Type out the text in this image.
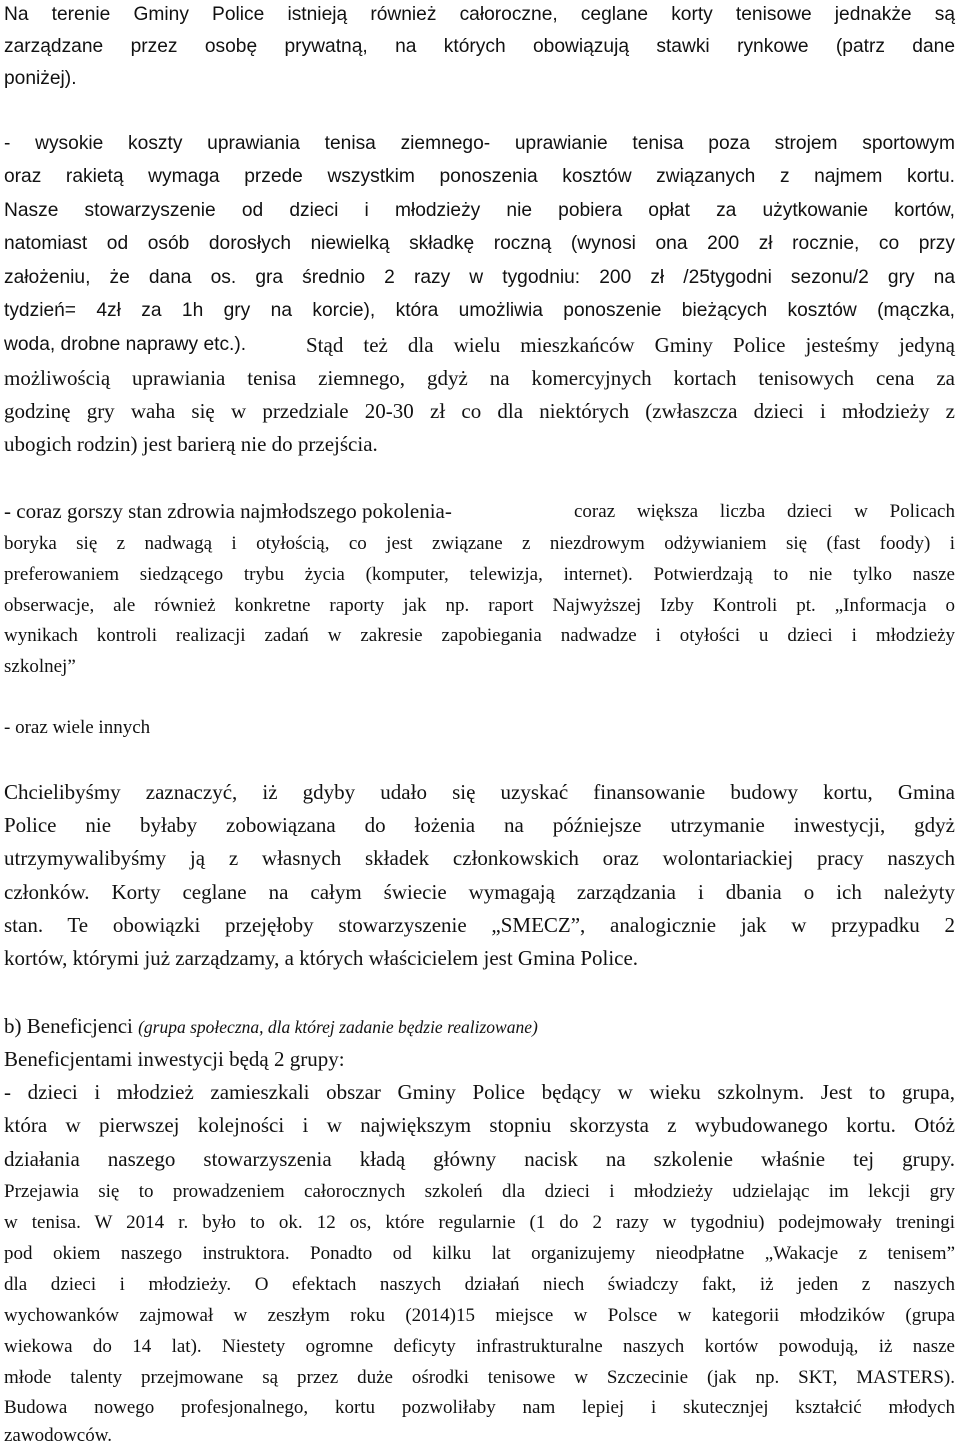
Na terenie Gminy Police istnieją również całoroczne, ceglane korty tenisowe jednakże są
zarządzane przez osobę prywatną, na których obowiązują stawki rynkowe (patrz dane
poniżej).
- wysokie koszty uprawiania tenisa ziemnego- uprawianie tenisa poza strojem sportowym
oraz rakietą wymaga przede wszystkim ponoszenia kosztów związanych z najmem kortu.
Nasze stowarzyszenie od dzieci i młodzieży nie pobiera opłat za użytkowanie kortów,
natomiast od osób dorosłych niewielką składkę roczną (wynosi ona 200 zł rocznie, co przy
założeniu, że dana os. gra średnio 2 razy w tygodniu: 200 zł /25tygodni sezonu/2 gry na
tydzień= 4zł za 1h gry na korcie), która umożliwia ponoszenie bieżących kosztów (mączka,
woda, drobne naprawy etc.).	Stąd też dla wielu mieszkańców Gminy Police jesteśmy jedyną
możliwością uprawiania tenisa ziemnego, gdyż na komercyjnych kortach tenisowych cena za
godzinę gry waha się w przedziale 20-30 zł co dla niektórych (zwłaszcza dzieci i młodzieży z
ubogich rodzin) jest barierą nie do przejścia.
- coraz gorszy stan zdrowia najmłodszego pokolenia-	coraz większa liczba dzieci w Policach
boryka się z nadwagą i otyłością, co jest związane z niezdrowym odżywianiem się (fast foody) i
preferowaniem siedzącego trybu życia (komputer, telewizja, internet). Potwierdzają to nie tylko nasze
obserwacje, ale również konkretne raporty jak np. raport Najwyższej Izby Kontroli pt. „Informacja o
wynikach kontroli realizacji zadań w zakresie zapobiegania nadwadze i otyłości u dzieci i młodzieży
szkolnej”
- oraz wiele innych
Chcielibyśmy zaznaczyć, iż gdyby udało się uzyskać finansowanie budowy kortu, Gmina
Police nie byłaby zobowiązana do łożenia na późniejsze utrzymanie inwestycji, gdyż
utrzymywalibyśmy ją z własnych składek członkowskich oraz wolontariackiej pracy naszych
członków. Korty ceglane na całym świecie wymagają zarządzania i dbania o ich należyty
stan. Te obowiązki przejęłoby stowarzyszenie „SMECZ”, analogicznie jak w przypadku 2
kortów, którymi już zarządzamy, a których właścicielem jest Gmina Police.
b) Beneficjenci (grupa społeczna, dla której zadanie będzie realizowane)
Beneficjentami inwestycji będą 2 grupy:
- dzieci i młodzież zamieszkali obszar Gminy Police będący w wieku szkolnym. Jest to grupa,
która w pierwszej kolejności i w największym stopniu skorzysta z wybudowanego kortu. Otóż
działania naszego stowarzyszenia kładą główny nacisk na szkolenie właśnie tej grupy.
Przejawia się to prowadzeniem całorocznych szkoleń dla dzieci i młodzieży udzielając im lekcji gry
w tenisa. W 2014 r. było to ok. 12 os, które regularnie (1 do 2 razy w tygodniu) podejmowały treningi
pod okiem naszego instruktora. Ponadto od kilku lat organizujemy nieodpłatne „Wakacje z tenisem”
dla dzieci i młodzieży. O efektach naszych działań niech świadczy fakt, iż jeden z naszych
wychowanków zajmował w zeszłym roku (2014)15 miejsce w Polsce w kategorii młodzików (grupa
wiekowa do 14 lat). Niestety ogromne deficyty infrastrukturalne naszych kortów powodują, iż nasze
młode talenty przejmowane są przez duże ośrodki tenisowe w Szczecinie (jak np. SKT, MASTERS).
Budowa nowego profesjonalnego, kortu pozwoliłaby nam lepiej i skutecznjej kształcić młodych
zawodowców.
